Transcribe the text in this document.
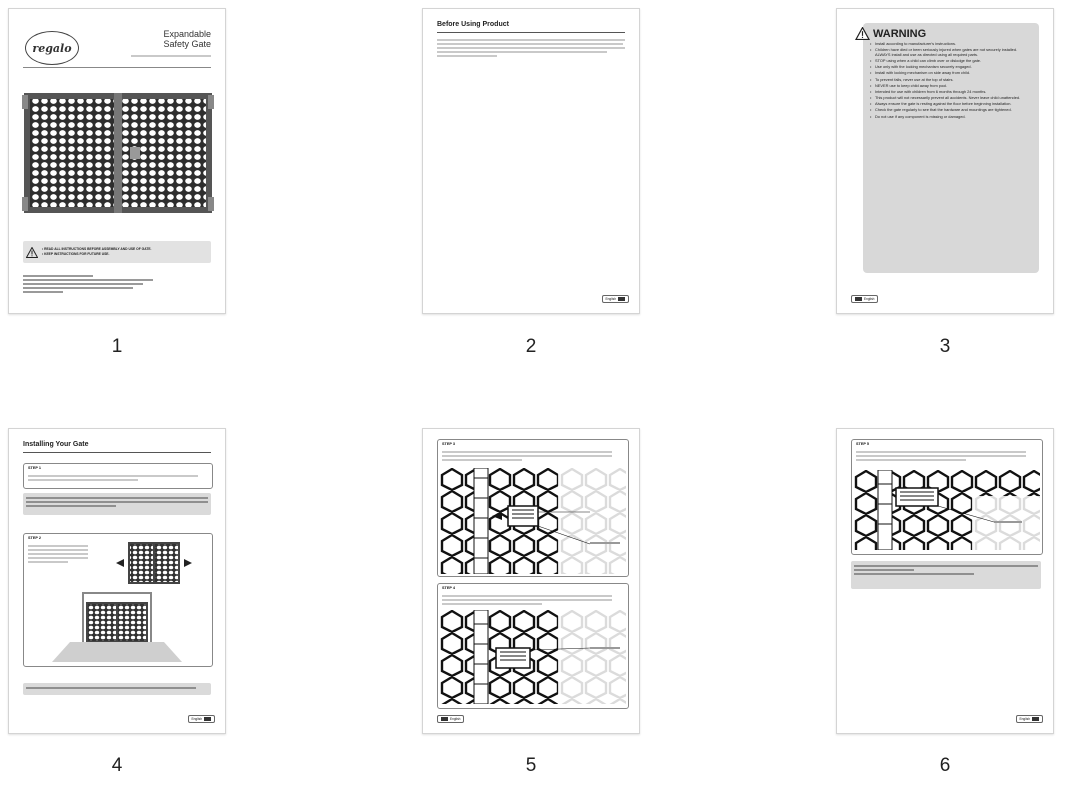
regalo
Expandable
Safety Gate
• READ ALL INSTRUCTIONS BEFORE ASSEMBLY AND USE OF GATE.
• KEEP INSTRUCTIONS FOR FUTURE USE.
1
Before Using Product
English
2
WARNING
• Install according to manufacturer's instructions.
• Children have died or been seriously injured when gates are not securely installed. ALWAYS install and use as directed using all required parts.
• STOP using when a child can climb over or dislodge the gate.
• Use only with the locking mechanism securely engaged.
• Install with locking mechanism on side away from child.
• To prevent falls, never use at the top of stairs.
• NEVER use to keep child away from pool.
• Intended for use with children from 6 months through 24 months.
• This product will not necessarily prevent all accidents. Never leave child unattended.
• Always ensure the gate is resting against the floor before beginning installation.
• Check the gate regularly to see that the hardware and mountings are tightened.
• Do not use if any component is missing or damaged.
English
3
Installing Your Gate
STEP 1
STEP 2
English
4
STEP 3
STEP 4
English
5
STEP 5
English
6
